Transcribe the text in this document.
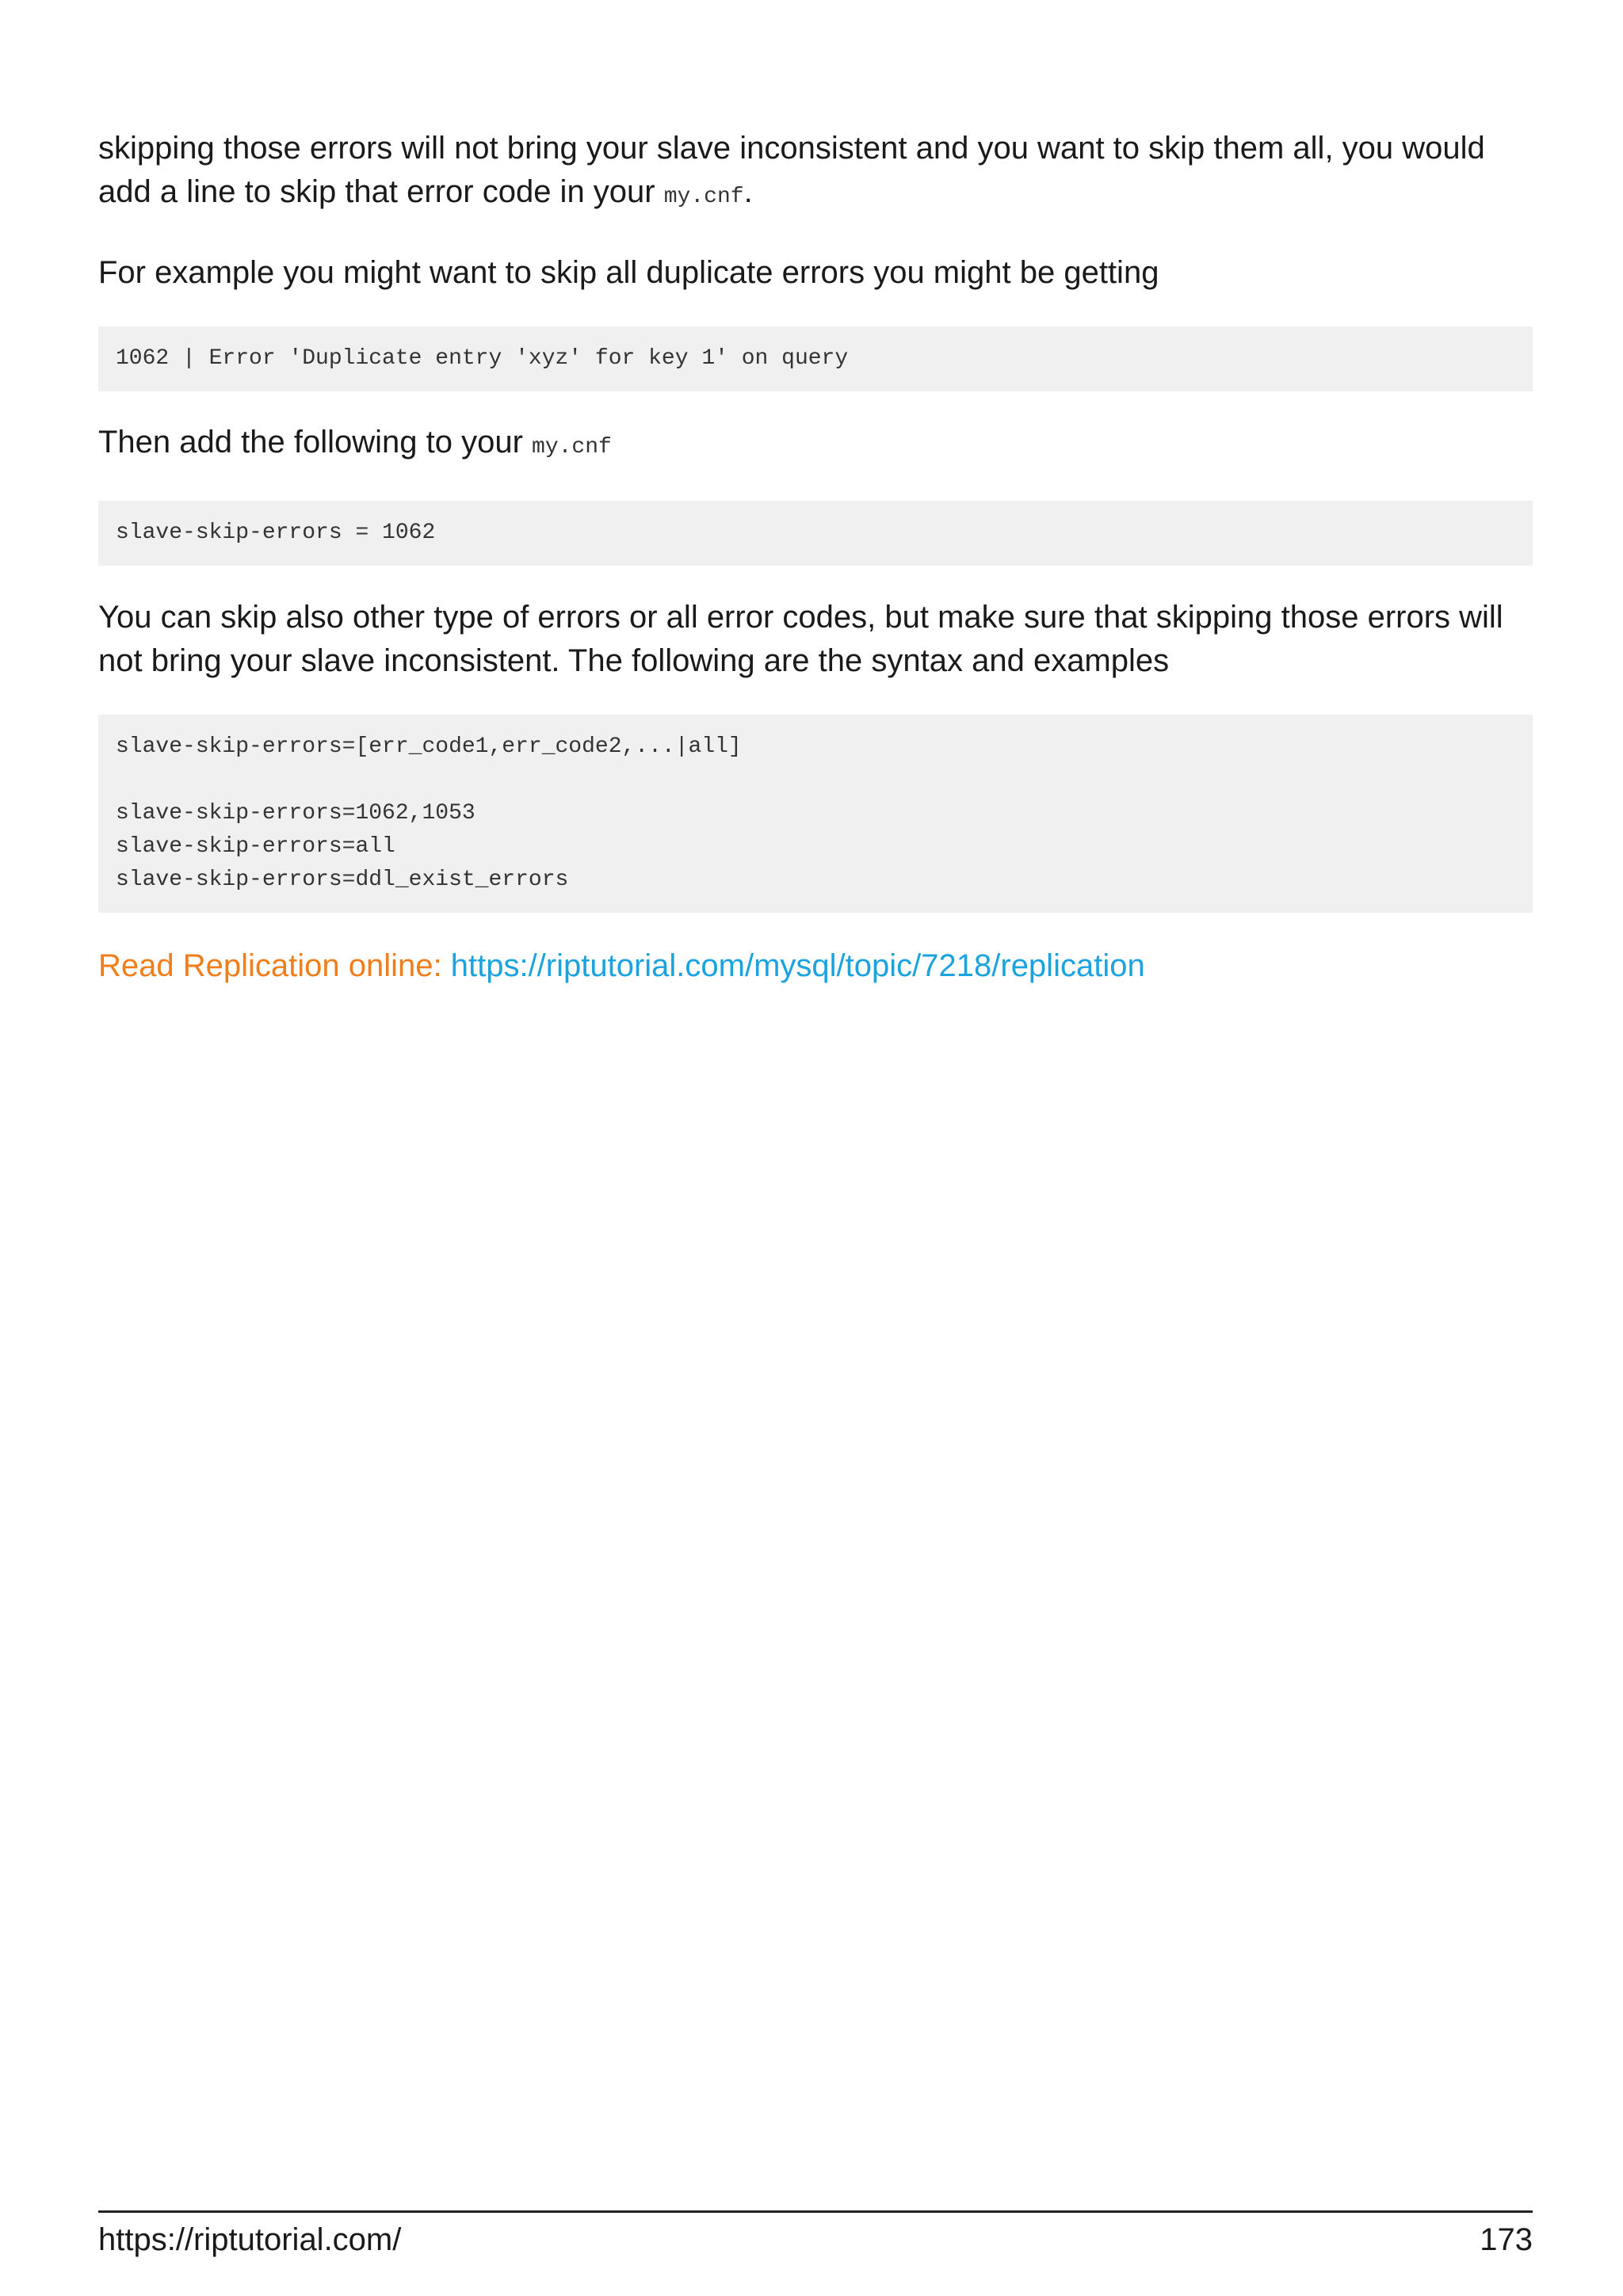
skipping those errors will not bring your slave inconsistent and you want to skip them all, you would add a line to skip that error code in your my.cnf.

For example you might want to skip all duplicate errors you might be getting

1062 | Error 'Duplicate entry 'xyz' for key 1' on query

Then add the following to your my.cnf

slave-skip-errors = 1062

You can skip also other type of errors or all error codes, but make sure that skipping those errors will not bring your slave inconsistent. The following are the syntax and examples

slave-skip-errors=[err_code1,err_code2,...|all]
slave-skip-errors=1062,1053
slave-skip-errors=all
slave-skip-errors=ddl_exist_errors

Read Replication online: https://riptutorial.com/mysql/topic/7218/replication

https://riptutorial.com/	173
